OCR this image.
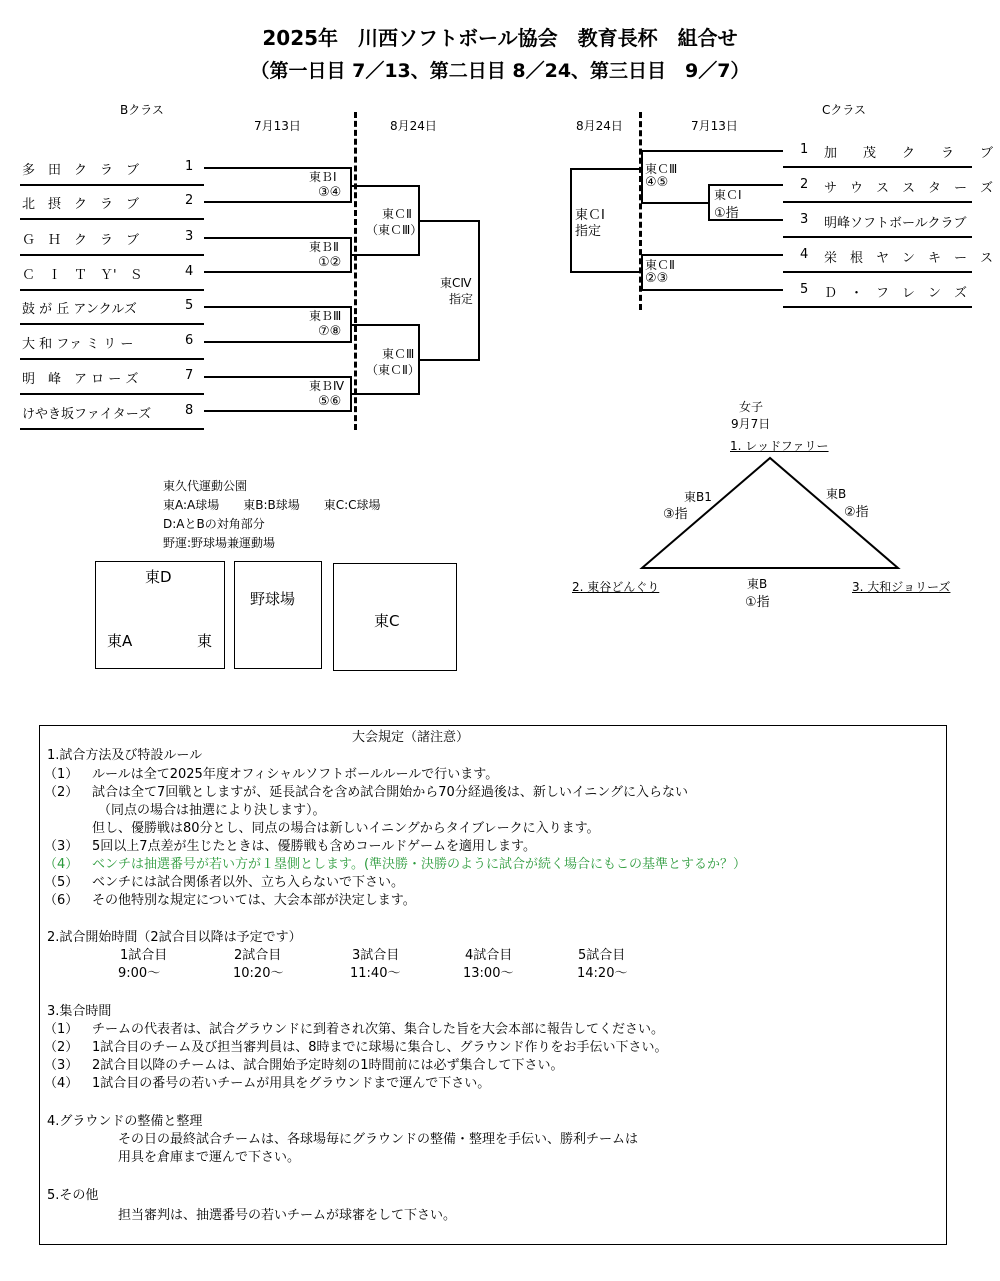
2025年　川西ソフトボール協会　教育長杯　組合せ
（第一日目 7／13、第二日目 8／24、第三日目　9／7）
Bクラス
7月13日	8月24日
多　田　ク　ラ　ブ	1
北　摂　ク　ラ　ブ	2
Ｇ　Ｈ　ク　ラ　ブ	3
Ｃ　Ｉ　Ｔ　Ｙ'　Ｓ	4
鼓 が 丘 アンクルズ	5
大 和 ファ ミ リ ー	6
明　峰　ア ロ ー ズ	7
けやき坂ファイターズ	8
東ＢⅠ
③④
東ＢⅡ
①②
東ＢⅢ
⑦⑧
東ＢⅣ
⑤⑥
東ＣⅡ
（東ＣⅢ）
東ＣⅢ
（東ＣⅡ）
東CⅣ
指定
Cクラス
8月24日	7月13日
1 加　　茂　　ク　　ラ　　ブ
2 サ　ウ　ス　ス　タ　ー　ズ
3 明峰ソフトボールクラブ
4 栄　根　ヤ　ン　キ　ー　ス
5 Ｄ　・　フ　レ　ン　ズ
東ＣⅢ
④⑤
東ＣⅠ
①指
東ＣⅡ
②③
東ＣⅠ
指定
女子
9月7日
1. レッドファリー
2. 東谷どんぐり	3. 大和ジョリーズ
東B1
③指
東B
②指
東B
①指
東久代運動公園
東A:A球場　　東B:B球場　　東C:C球場
D:AとBの対角部分
野運:野球場兼運動場
東D
東A	東
野球場
東C
大会規定（諸注意）
1.試合方法及び特設ルール
（1） ルールは全て2025年度オフィシャルソフトボールルールで行います。
（2） 試合は全て7回戦としますが、延長試合を含め試合開始から70分経過後は、新しいイニングに入らない
（同点の場合は抽選により決します）。
但し、優勝戦は80分とし、同点の場合は新しいイニングからタイブレークに入ります。
（3） 5回以上7点差が生じたときは、優勝戦も含めコールドゲームを適用します。
（4） ベンチは抽選番号が若い方が１塁側とします。(準決勝・決勝のように試合が続く場合にもこの基準とするか？）
（5） ベンチには試合関係者以外、立ち入らないで下さい。
（6） その他特別な規定については、大会本部が決定します。
2.試合開始時間（2試合目以降は予定です）
1試合目	2試合目	3試合目	4試合目	5試合目
9:00～	10:20～	11:40～	13:00～	14:20～
3.集合時間
（1） チームの代表者は、試合グラウンドに到着され次第、集合した旨を大会本部に報告してください。
（2） 1試合目のチーム及び担当審判員は、8時までに球場に集合し、グラウンド作りをお手伝い下さい。
（3） 2試合目以降のチームは、試合開始予定時刻の1時間前には必ず集合して下さい。
（4） 1試合目の番号の若いチームが用具をグラウンドまで運んで下さい。
4.グラウンドの整備と整理
その日の最終試合チームは、各球場毎にグラウンドの整備・整理を手伝い、勝利チームは
用具を倉庫まで運んで下さい。
5.その他
担当審判は、抽選番号の若いチームが球審をして下さい。
